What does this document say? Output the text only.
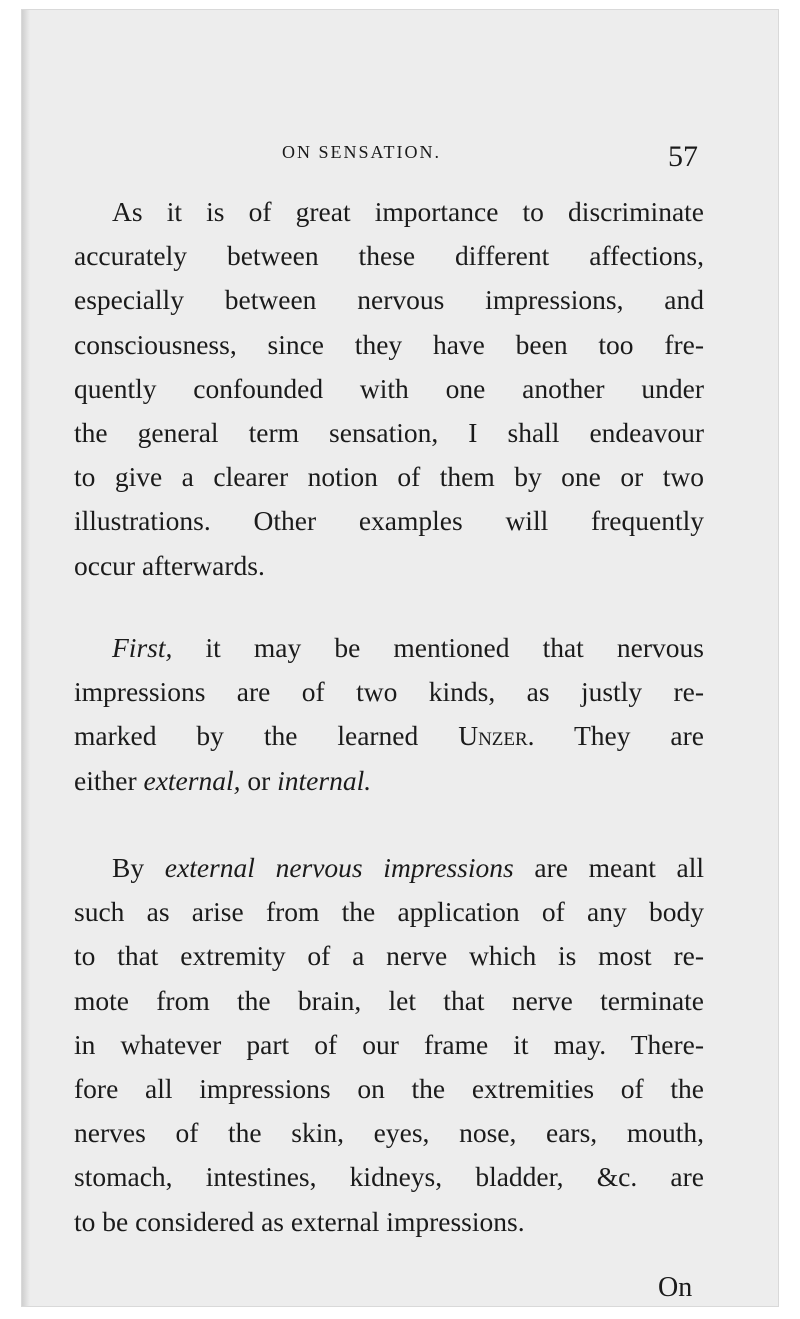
ON SENSATION.	57

As it is of great importance to discriminate
accurately between these different affections,
especially between nervous impressions, and
consciousness, since they have been too fre-
quently confounded with one another under
the general term sensation, I shall endeavour
to give a clearer notion of them by one or two
illustrations. Other examples will frequently
occur afterwards.

First, it may be mentioned that nervous
impressions are of two kinds, as justly re-
marked by the learned Unzer. They are
either external, or internal.

By external nervous impressions are meant all
such as arise from the application of any body
to that extremity of a nerve which is most re-
mote from the brain, let that nerve terminate
in whatever part of our frame it may. There-
fore all impressions on the extremities of the
nerves of the skin, eyes, nose, ears, mouth,
stomach, intestines, kidneys, bladder, &c. are
to be considered as external impressions.

On
